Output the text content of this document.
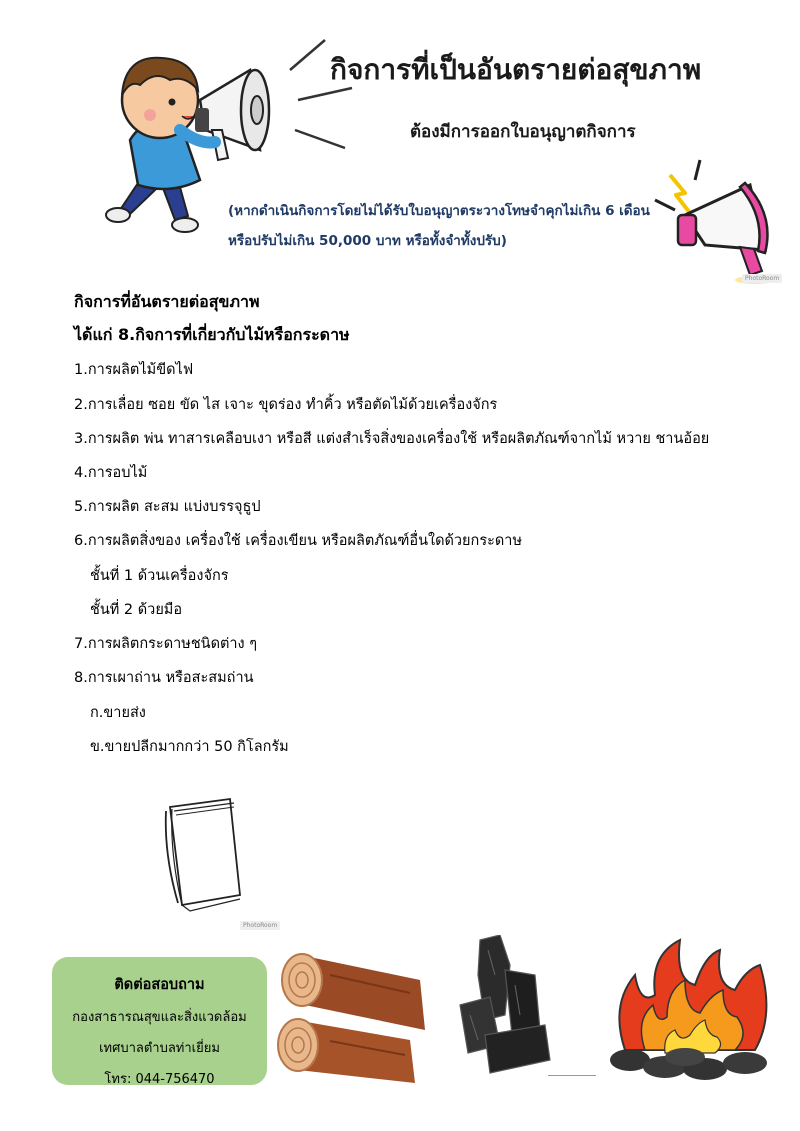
กิจการที่เป็นอันตรายต่อสุขภาพ
ต้องมีการออกใบอนุญาตกิจการ
(หากดำเนินกิจการโดยไม่ได้รับใบอนุญาตระวางโทษจำคุกไม่เกิน 6 เดือน
หรือปรับไม่เกิน 50,000 บาท หรือทั้งจำทั้งปรับ)
PhotoRoom
กิจการที่อันตรายต่อสุขภาพ
ได้แก่ 8.กิจการที่เกี่ยวกับไม้หรือกระดาษ
1.การผลิตไม้ขีดไฟ
2.การเลื่อย ซอย ขัด ไส เจาะ ขุดร่อง ทำคิ้ว หรือตัดไม้ด้วยเครื่องจักร
3.การผลิต พ่น ทาสารเคลือบเงา หรือสี แต่งสำเร็จสิ่งของเครื่องใช้ หรือผลิตภัณฑ์จากไม้ หวาย ชานอ้อย
4.การอบไม้
5.การผลิต สะสม แบ่งบรรจุธูป
6.การผลิตสิ่งของ เครื่องใช้ เครื่องเขียน หรือผลิตภัณฑ์อื่นใดด้วยกระดาษ
ชั้นที่ 1 ด้วนเครื่องจักร
ชั้นที่ 2 ด้วยมือ
7.การผลิตกระดาษชนิดต่าง ๆ
8.การเผาถ่าน หรือสะสมถ่าน
ก.ขายส่ง
ข.ขายปลีกมากกว่า 50 กิโลกรัม
PhotoRoom
ติดต่อสอบถาม
กองสาธารณสุขและสิ่งแวดล้อม
เทศบาลตำบลท่าเยี่ยม
โทร: 044-756470
